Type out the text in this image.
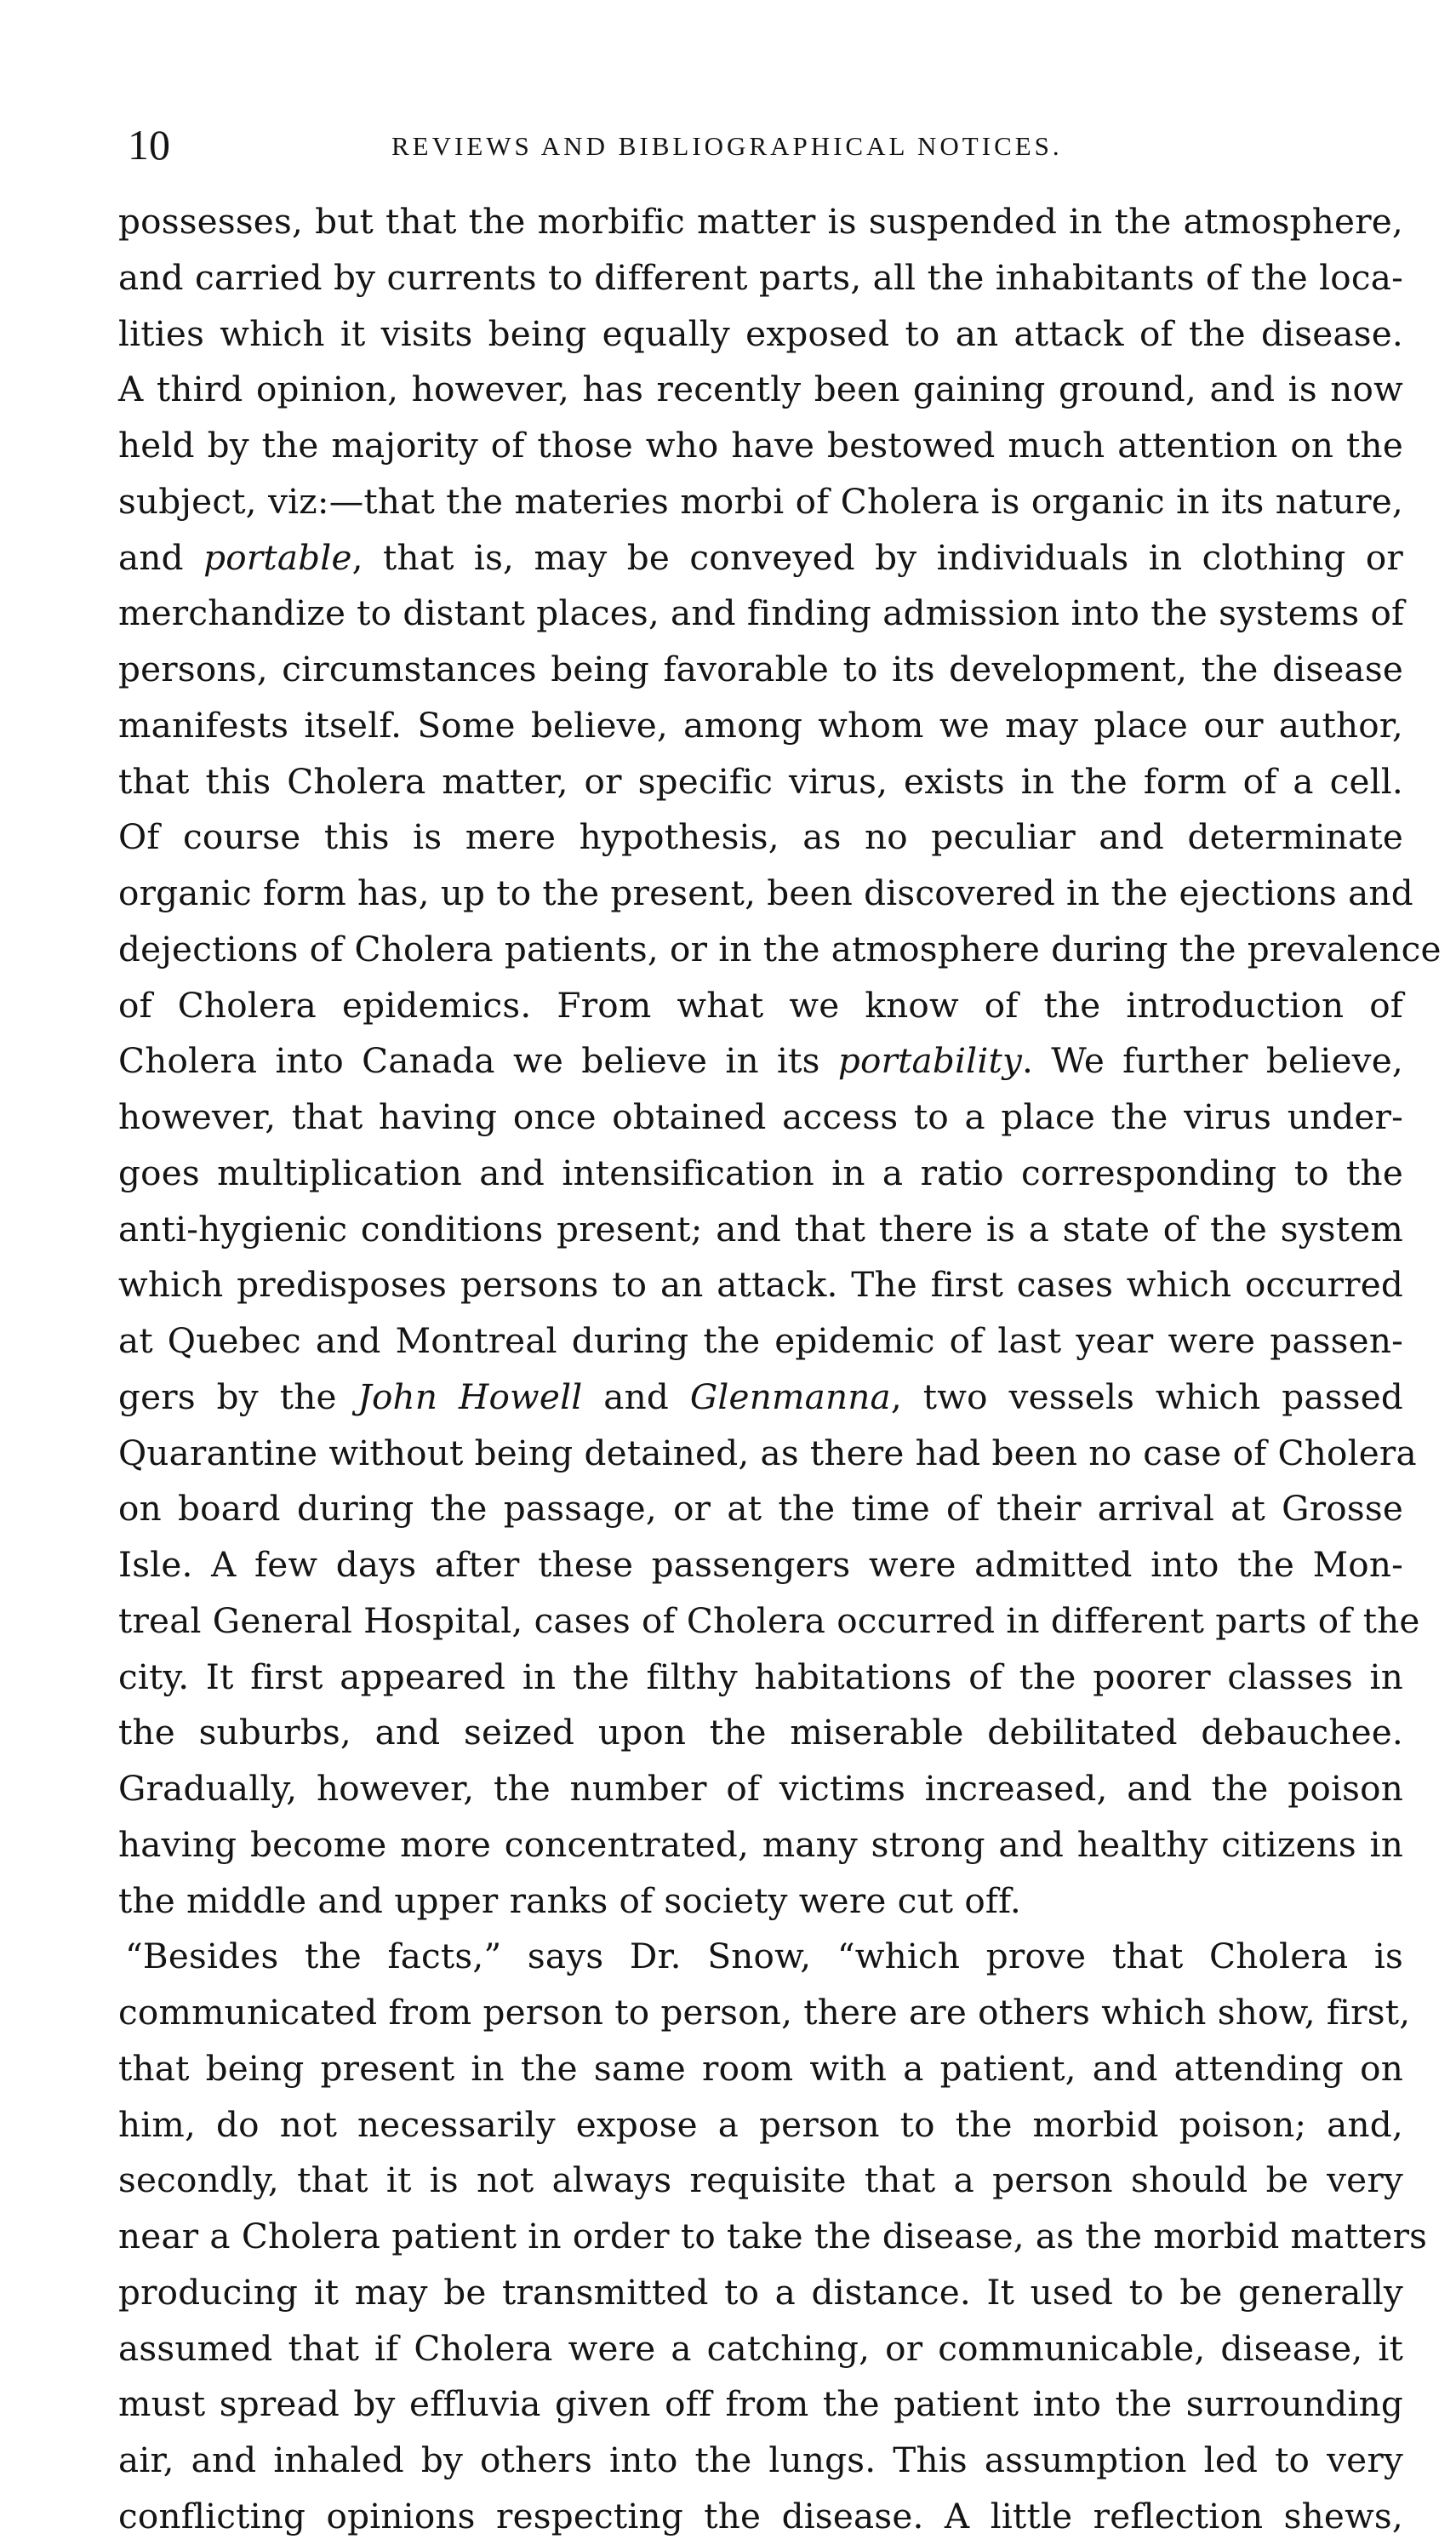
10	REVIEWS AND BIBLIOGRAPHICAL NOTICES.
possesses, but that the morbific matter is suspended in the atmosphere,
and carried by currents to different parts, all the inhabitants of the loca-
lities which it visits being equally exposed to an attack of the disease.
A third opinion, however, has recently been gaining ground, and is now
held by the majority of those who have bestowed much attention on the
subject, viz:—that the materies morbi of Cholera is organic in its nature,
and portable, that is, may be conveyed by individuals in clothing or
merchandize to distant places, and finding admission into the systems of
persons, circumstances being favorable to its development, the disease
manifests itself. Some believe, among whom we may place our author,
that this Cholera matter, or specific virus, exists in the form of a cell.
Of course this is mere hypothesis, as no peculiar and determinate
organic form has, up to the present, been discovered in the ejections and
dejections of Cholera patients, or in the atmosphere during the prevalence
of Cholera epidemics. From what we know of the introduction of
Cholera into Canada we believe in its portability. We further believe,
however, that having once obtained access to a place the virus under-
goes multiplication and intensification in a ratio corresponding to the
anti-hygienic conditions present; and that there is a state of the system
which predisposes persons to an attack. The first cases which occurred
at Quebec and Montreal during the epidemic of last year were passen-
gers by the John Howell and Glenmanna, two vessels which passed
Quarantine without being detained, as there had been no case of Cholera
on board during the passage, or at the time of their arrival at Grosse
Isle. A few days after these passengers were admitted into the Mon-
treal General Hospital, cases of Cholera occurred in different parts of the
city. It first appeared in the filthy habitations of the poorer classes in
the suburbs, and seized upon the miserable debilitated debauchee.
Gradually, however, the number of victims increased, and the poison
having become more concentrated, many strong and healthy citizens in
the middle and upper ranks of society were cut off.
“Besides the facts,” says Dr. Snow, “which prove that Cholera is
communicated from person to person, there are others which show, first,
that being present in the same room with a patient, and attending on
him, do not necessarily expose a person to the morbid poison; and,
secondly, that it is not always requisite that a person should be very
near a Cholera patient in order to take the disease, as the morbid matters
producing it may be transmitted to a distance. It used to be generally
assumed that if Cholera were a catching, or communicable, disease, it
must spread by effluvia given off from the patient into the surrounding
air, and inhaled by others into the lungs. This assumption led to very
conflicting opinions respecting the disease. A little reflection shews,
